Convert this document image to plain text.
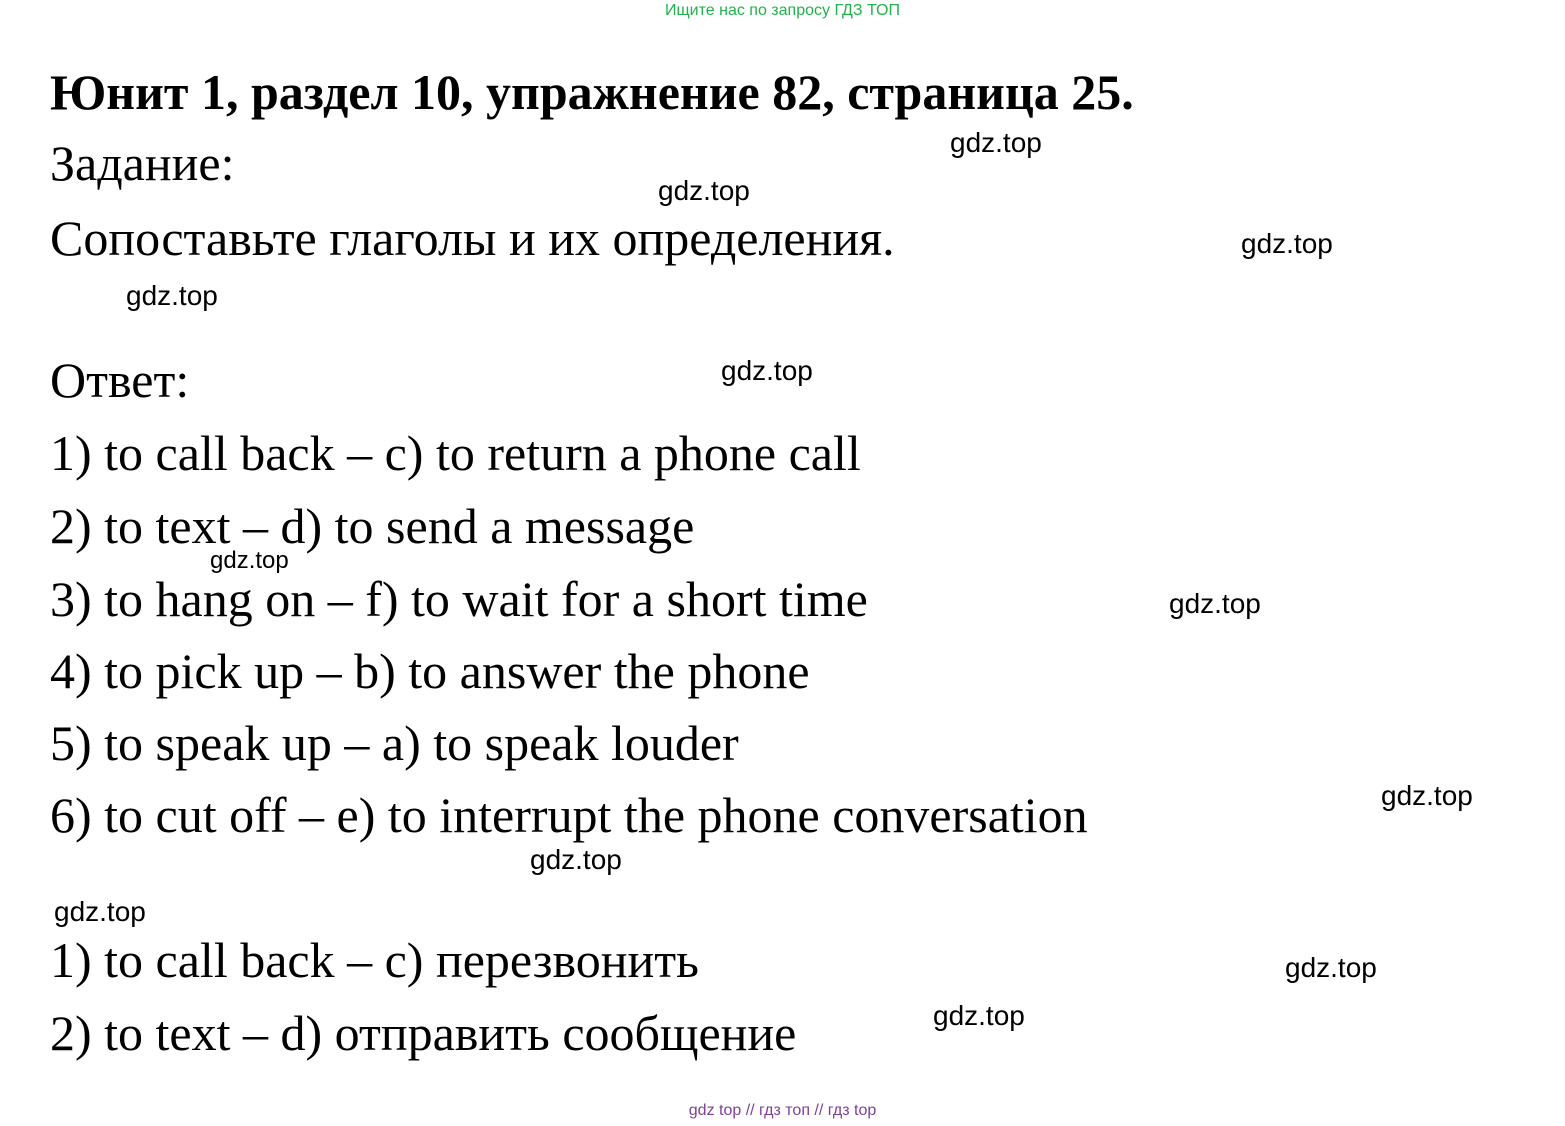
Ищите нас по запросу ГДЗ ТОП
Юнит 1, раздел 10, упражнение 82, страница 25.
Задание:
Сопоставьте глаголы и их определения.
Ответ:
1) to call back – c) to return a phone call
2) to text – d) to send a message
3) to hang on – f) to wait for a short time
4) to pick up – b) to answer the phone
5) to speak up – a) to speak louder
6) to cut off – e) to interrupt the phone conversation
1) to call back – c) перезвонить
2) to text – d) отправить сообщение
gdz.top
gdz.top
gdz.top
gdz.top
gdz.top
gdz.top
gdz.top
gdz.top
gdz.top
gdz.top
gdz.top
gdz.top
gdz top // гдз топ // гдз top
